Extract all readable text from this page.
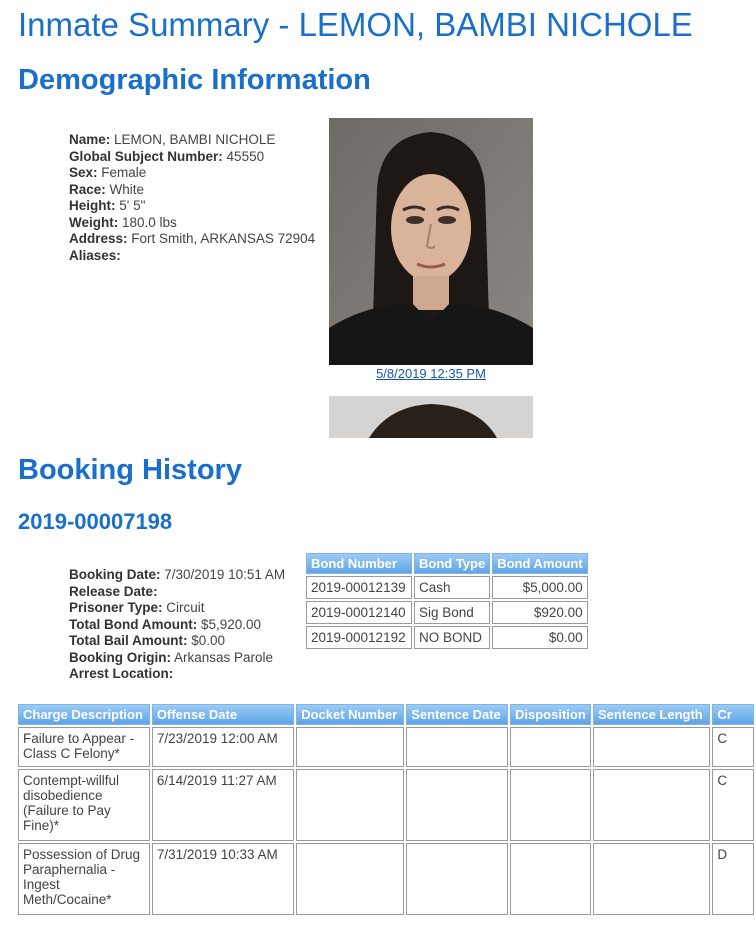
Inmate Summary - LEMON, BAMBI NICHOLE
Demographic Information
Name: LEMON, BAMBI NICHOLE
Global Subject Number: 45550
Sex: Female
Race: White
Height: 5' 5"
Weight: 180.0 lbs
Address: Fort Smith, ARKANSAS 72904
Aliases:
5/8/2019 12:35 PM
Booking History
2019-00007198
Booking Date: 7/30/2019 10:51 AM
Release Date:
Prisoner Type: Circuit
Total Bond Amount: $5,920.00
Total Bail Amount: $0.00
Booking Origin: Arkansas Parole
Arrest Location:
Bond Number	Bond Type	Bond Amount
2019-00012139	Cash	$5,000.00
2019-00012140	Sig Bond	$920.00
2019-00012192	NO BOND	$0.00
Charge Description	Offense Date	Docket Number	Sentence Date	Disposition	Sentence Length	Cr
Failure to Appear - Class C Felony*	7/23/2019 12:00 AM					C
Contempt-willful disobedience (Failure to Pay Fine)*	6/14/2019 11:27 AM					C
Possession of Drug Paraphernalia - Ingest Meth/Cocaine*	7/31/2019 10:33 AM					D
